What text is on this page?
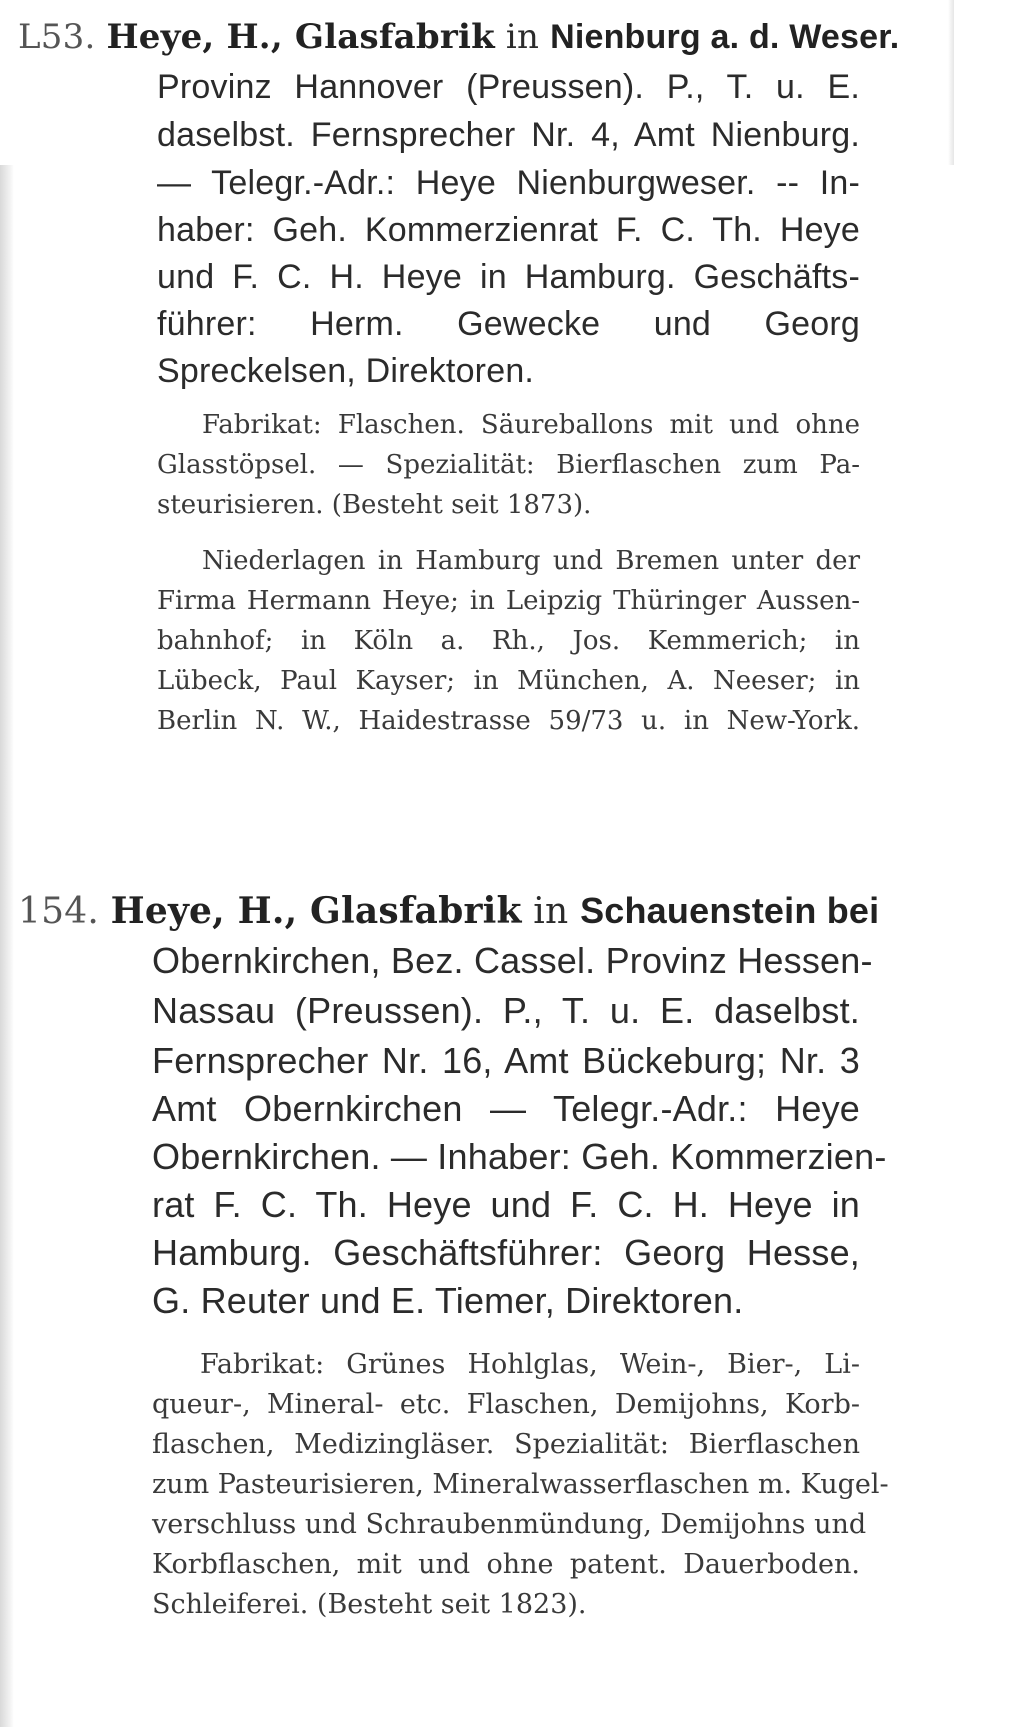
L53. Heye, H., Glasfabrik in Nienburg a. d. Weser.
Provinz Hannover (Preussen). P., T. u. E.
daselbst. Fernsprecher Nr. 4, Amt Nienburg.
— Telegr.-Adr.: Heye Nienburgweser. -- In-
haber: Geh. Kommerzienrat F. C. Th. Heye
und F. C. H. Heye in Hamburg. Geschäfts-
führer: Herm. Gewecke und Georg
Spreckelsen, Direktoren.
Fabrikat: Flaschen. Säureballons mit und ohne
Glasstöpsel. — Spezialität: Bierflaschen zum Pa-
steurisieren. (Besteht seit 1873).
Niederlagen in Hamburg und Bremen unter der
Firma Hermann Heye; in Leipzig Thüringer Aussen-
bahnhof; in Köln a. Rh., Jos. Kemmerich; in
Lübeck, Paul Kayser; in München, A. Neeser; in
Berlin N. W., Haidestrasse 59/73 u. in New-York.
154. Heye, H., Glasfabrik in Schauenstein bei
Obernkirchen, Bez. Cassel. Provinz Hessen-
Nassau (Preussen). P., T. u. E. daselbst.
Fernsprecher Nr. 16, Amt Bückeburg; Nr. 3
Amt Obernkirchen — Telegr.-Adr.: Heye
Obernkirchen. — Inhaber: Geh. Kommerzien-
rat F. C. Th. Heye und F. C. H. Heye in
Hamburg. Geschäftsführer: Georg Hesse,
G. Reuter und E. Tiemer, Direktoren.
Fabrikat: Grünes Hohlglas, Wein-, Bier-, Li-
queur-, Mineral- etc. Flaschen, Demijohns, Korb-
flaschen, Medizingläser. Spezialität: Bierflaschen
zum Pasteurisieren, Mineralwasserflaschen m. Kugel-
verschluss und Schraubenmündung, Demijohns und
Korbflaschen, mit und ohne patent. Dauerboden.
Schleiferei. (Besteht seit 1823).
